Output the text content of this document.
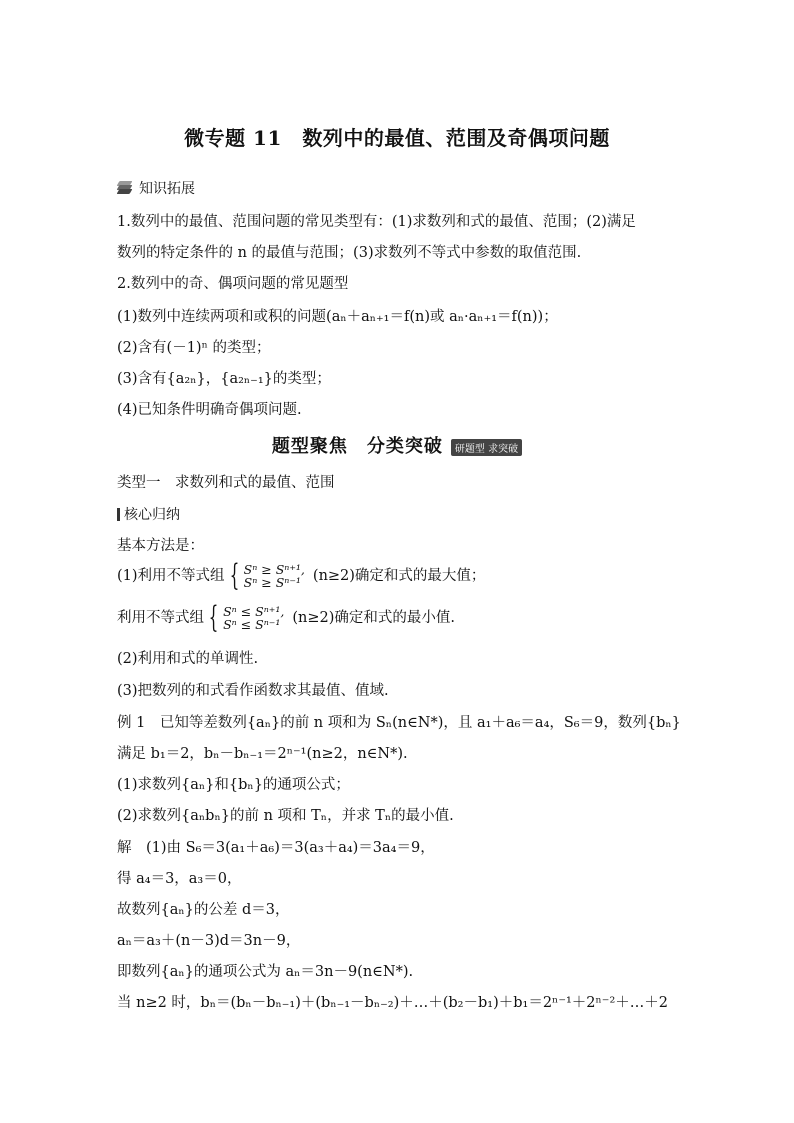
微专题 11　数列中的最值、范围及奇偶项问题
知识拓展
1.数列中的最值、范围问题的常见类型有：(1)求数列和式的最值、范围；(2)满足
数列的特定条件的 n 的最值与范围；(3)求数列不等式中参数的取值范围.
2.数列中的奇、偶项问题的常见题型
(1)数列中连续两项和或积的问题(aₙ＋aₙ₊₁＝f(n)或 aₙ·aₙ₊₁＝f(n))；
(2)含有(－1)ⁿ 的类型；
(3)含有{a₂ₙ}，{a₂ₙ₋₁}的类型；
(4)已知条件明确奇偶项问题.
题型聚焦　分类突破 研题型 求突破
类型一　求数列和式的最值、范围
核心归纳
基本方法是：
(1)利用不等式组 { Sⁿ ≥ Sⁿ⁺¹,
Sⁿ ≥ Sⁿ⁻¹ (n≥2)确定和式的最大值；
利用不等式组 { Sⁿ ≤ Sⁿ⁺¹,
Sⁿ ≤ Sⁿ⁻¹ (n≥2)确定和式的最小值.
(2)利用和式的单调性.
(3)把数列的和式看作函数求其最值、值域.
例 1　已知等差数列{aₙ}的前 n 项和为 Sₙ(n∈N*)，且 a₁＋a₆＝a₄，S₆＝9，数列{bₙ}
满足 b₁＝2，bₙ－bₙ₋₁＝2ⁿ⁻¹(n≥2，n∈N*).
(1)求数列{aₙ}和{bₙ}的通项公式；
(2)求数列{aₙbₙ}的前 n 项和 Tₙ，并求 Tₙ的最小值.
解　(1)由 S₆＝3(a₁＋a₆)＝3(a₃＋a₄)＝3a₄＝9，
得 a₄＝3，a₃＝0，
故数列{aₙ}的公差 d＝3，
aₙ＝a₃＋(n－3)d＝3n－9，
即数列{aₙ}的通项公式为 aₙ＝3n－9(n∈N*).
当 n≥2 时，bₙ＝(bₙ－bₙ₋₁)＋(bₙ₋₁－bₙ₋₂)＋…＋(b₂－b₁)＋b₁＝2ⁿ⁻¹＋2ⁿ⁻²＋…＋2
